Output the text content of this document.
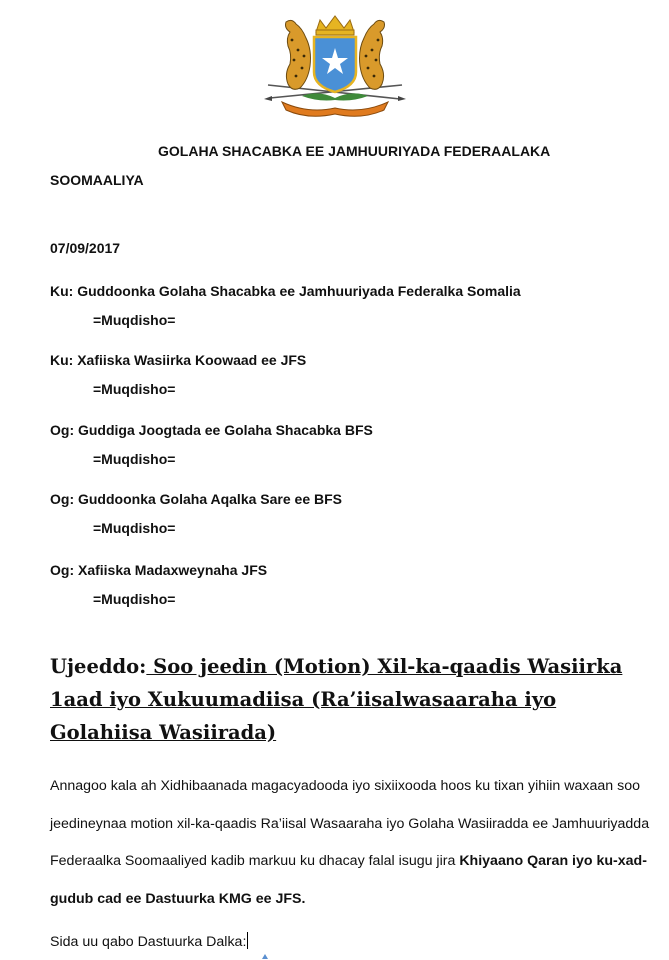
GOLAHA SHACABKA EE JAMHUURIYADA FEDERAALAKA
SOOMAALIYA
07/09/2017
Ku: Guddoonka Golaha Shacabka ee Jamhuuriyada Federalka Somalia
=Muqdisho=
Ku: Xafiiska Wasiirka Koowaad ee JFS
=Muqdisho=
Og: Guddiga Joogtada ee Golaha Shacabka BFS
=Muqdisho=
Og: Guddoonka Golaha Aqalka Sare ee BFS
=Muqdisho=
Og: Xafiiska Madaxweynaha JFS
=Muqdisho=
Ujeeddo: Soo jeedin (Motion) Xil-ka-qaadis Wasiirka 1aad iyo Xukuumadiisa (Ra’iisalwasaaraha iyo Golahiisa Wasiirada)
Annagoo kala ah Xidhibaanada magacyadooda iyo sixiixooda hoos ku tixan yihiin waxaan soo jeedineynaa motion xil-ka-qaadis Ra’iisal Wasaaraha iyo Golaha Wasiiradda ee Jamhuuriyadda Federaalka Soomaaliyed kadib markuu ku dhacay falal isugu jira Khiyaano Qaran iyo ku-xad-gudub cad ee Dastuurka KMG ee JFS.
Sida uu qabo Dastuurka Dalka:
